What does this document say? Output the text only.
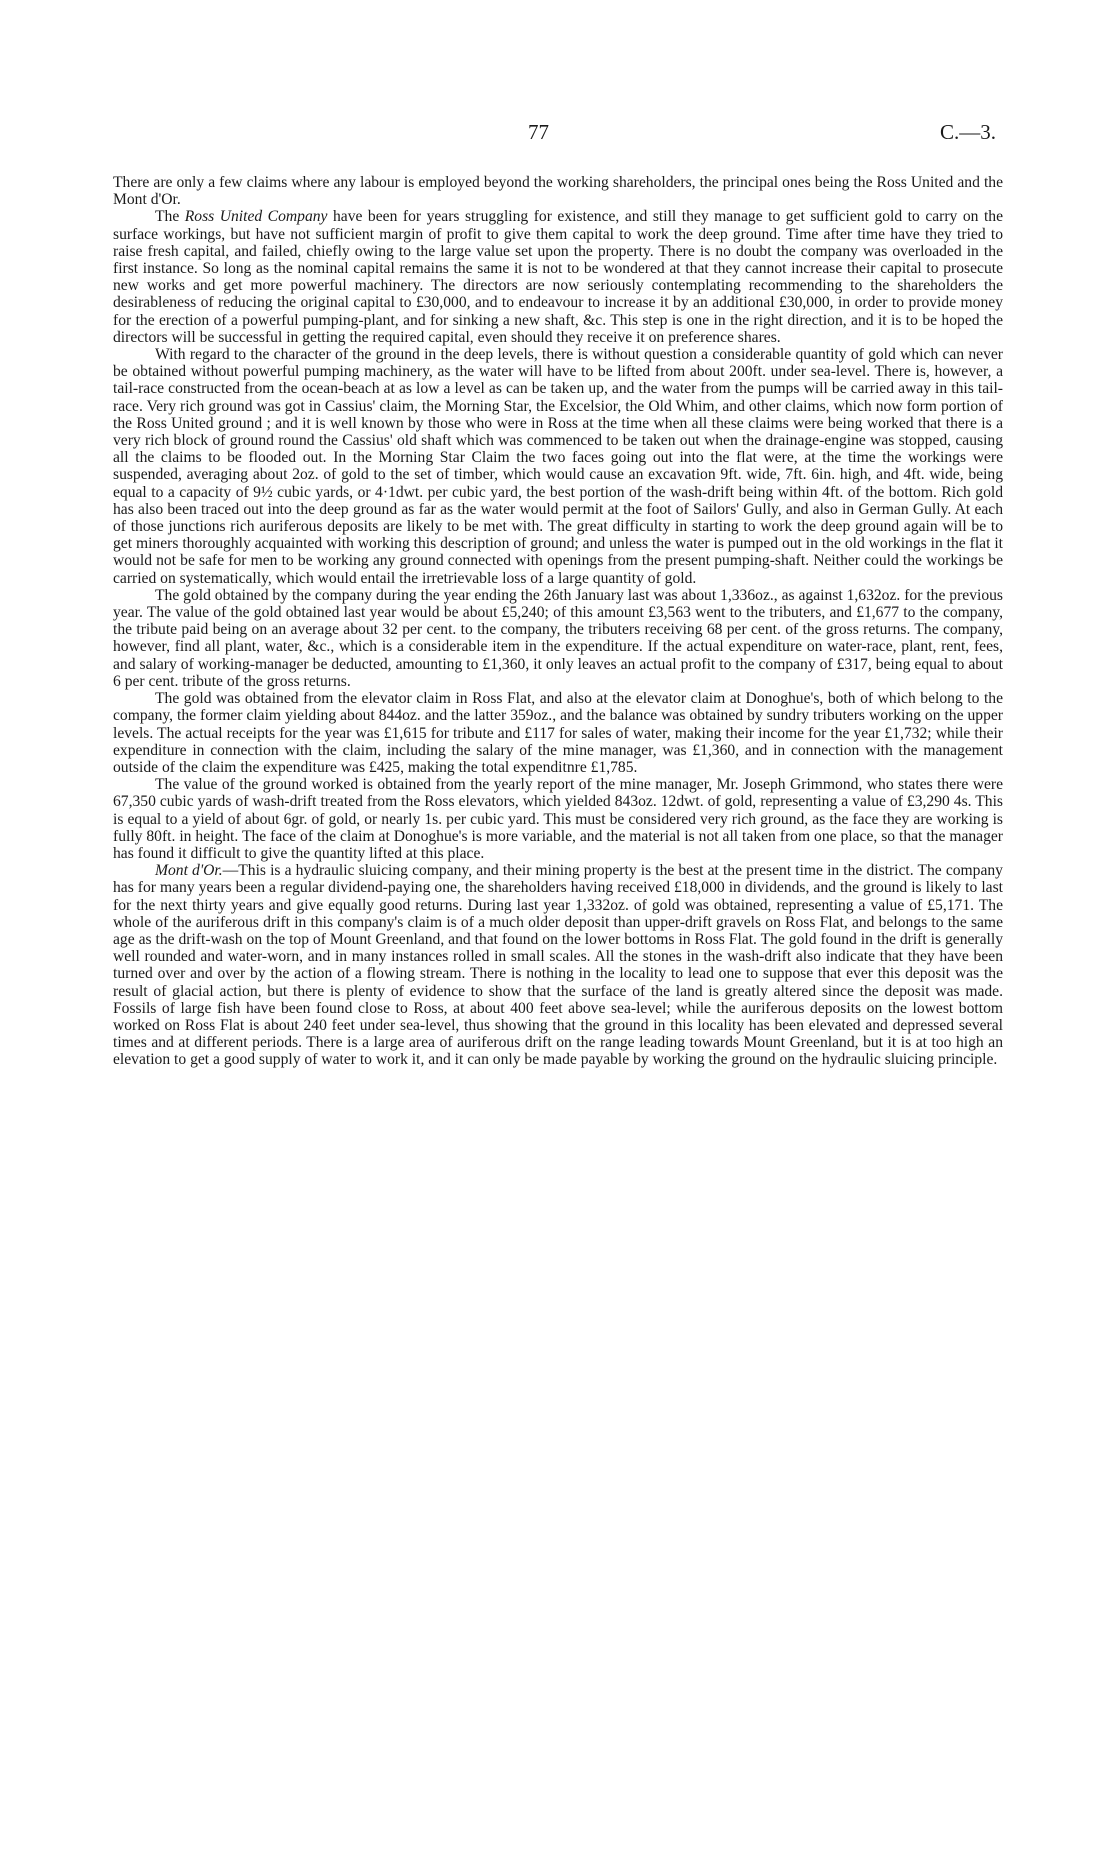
77	C.—3.

There are only a few claims where any labour is employed beyond the working shareholders, the principal ones being the Ross United and the Mont d'Or.

The Ross United Company have been for years struggling for existence, and still they manage to get sufficient gold to carry on the surface workings, but have not sufficient margin of profit to give them capital to work the deep ground. Time after time have they tried to raise fresh capital, and failed, chiefly owing to the large value set upon the property. There is no doubt the company was overloaded in the first instance. So long as the nominal capital remains the same it is not to be wondered at that they cannot increase their capital to prosecute new works and get more powerful machinery. The directors are now seriously contemplating recommending to the shareholders the desirableness of reducing the original capital to £30,000, and to endeavour to increase it by an additional £30,000, in order to provide money for the erection of a powerful pumping-plant, and for sinking a new shaft, &c. This step is one in the right direction, and it is to be hoped the directors will be successful in getting the required capital, even should they receive it on preference shares.

With regard to the character of the ground in the deep levels, there is without question a considerable quantity of gold which can never be obtained without powerful pumping machinery, as the water will have to be lifted from about 200ft. under sea-level. There is, however, a tail-race constructed from the ocean-beach at as low a level as can be taken up, and the water from the pumps will be carried away in this tail-race. Very rich ground was got in Cassius' claim, the Morning Star, the Excelsior, the Old Whim, and other claims, which now form portion of the Ross United ground ; and it is well known by those who were in Ross at the time when all these claims were being worked that there is a very rich block of ground round the Cassius' old shaft which was commenced to be taken out when the drainage-engine was stopped, causing all the claims to be flooded out. In the Morning Star Claim the two faces going out into the flat were, at the time the workings were suspended, averaging about 2oz. of gold to the set of timber, which would cause an excavation 9ft. wide, 7ft. 6in. high, and 4ft. wide, being equal to a capacity of 9½ cubic yards, or 4·1dwt. per cubic yard, the best portion of the wash-drift being within 4ft. of the bottom. Rich gold has also been traced out into the deep ground as far as the water would permit at the foot of Sailors' Gully, and also in German Gully. At each of those junctions rich auriferous deposits are likely to be met with. The great difficulty in starting to work the deep ground again will be to get miners thoroughly acquainted with working this description of ground; and unless the water is pumped out in the old workings in the flat it would not be safe for men to be working any ground connected with openings from the present pumping-shaft. Neither could the workings be carried on systematically, which would entail the irretrievable loss of a large quantity of gold.

The gold obtained by the company during the year ending the 26th January last was about 1,336oz., as against 1,632oz. for the previous year. The value of the gold obtained last year would be about £5,240; of this amount £3,563 went to the tributers, and £1,677 to the company, the tribute paid being on an average about 32 per cent. to the company, the tributers receiving 68 per cent. of the gross returns. The company, however, find all plant, water, &c., which is a considerable item in the expenditure. If the actual expenditure on water-race, plant, rent, fees, and salary of working-manager be deducted, amounting to £1,360, it only leaves an actual profit to the company of £317, being equal to about 6 per cent. tribute of the gross returns.

The gold was obtained from the elevator claim in Ross Flat, and also at the elevator claim at Donoghue's, both of which belong to the company, the former claim yielding about 844oz. and the latter 359oz., and the balance was obtained by sundry tributers working on the upper levels. The actual receipts for the year was £1,615 for tribute and £117 for sales of water, making their income for the year £1,732; while their expenditure in connection with the claim, including the salary of the mine manager, was £1,360, and in connection with the management outside of the claim the expenditure was £425, making the total expenditnre £1,785.

The value of the ground worked is obtained from the yearly report of the mine manager, Mr. Joseph Grimmond, who states there were 67,350 cubic yards of wash-drift treated from the Ross elevators, which yielded 843oz. 12dwt. of gold, representing a value of £3,290 4s. This is equal to a yield of about 6gr. of gold, or nearly 1s. per cubic yard. This must be considered very rich ground, as the face they are working is fully 80ft. in height. The face of the claim at Donoghue's is more variable, and the material is not all taken from one place, so that the manager has found it difficult to give the quantity lifted at this place.

Mont d'Or.—This is a hydraulic sluicing company, and their mining property is the best at the present time in the district. The company has for many years been a regular dividend-paying one, the shareholders having received £18,000 in dividends, and the ground is likely to last for the next thirty years and give equally good returns. During last year 1,332oz. of gold was obtained, representing a value of £5,171. The whole of the auriferous drift in this company's claim is of a much older deposit than upper-drift gravels on Ross Flat, and belongs to the same age as the drift-wash on the top of Mount Greenland, and that found on the lower bottoms in Ross Flat. The gold found in the drift is generally well rounded and water-worn, and in many instances rolled in small scales. All the stones in the wash-drift also indicate that they have been turned over and over by the action of a flowing stream. There is nothing in the locality to lead one to suppose that ever this deposit was the result of glacial action, but there is plenty of evidence to show that the surface of the land is greatly altered since the deposit was made. Fossils of large fish have been found close to Ross, at about 400 feet above sea-level; while the auriferous deposits on the lowest bottom worked on Ross Flat is about 240 feet under sea-level, thus showing that the ground in this locality has been elevated and depressed several times and at different periods. There is a large area of auriferous drift on the range leading towards Mount Greenland, but it is at too high an elevation to get a good supply of water to work it, and it can only be made payable by working the ground on the hydraulic sluicing principle.
